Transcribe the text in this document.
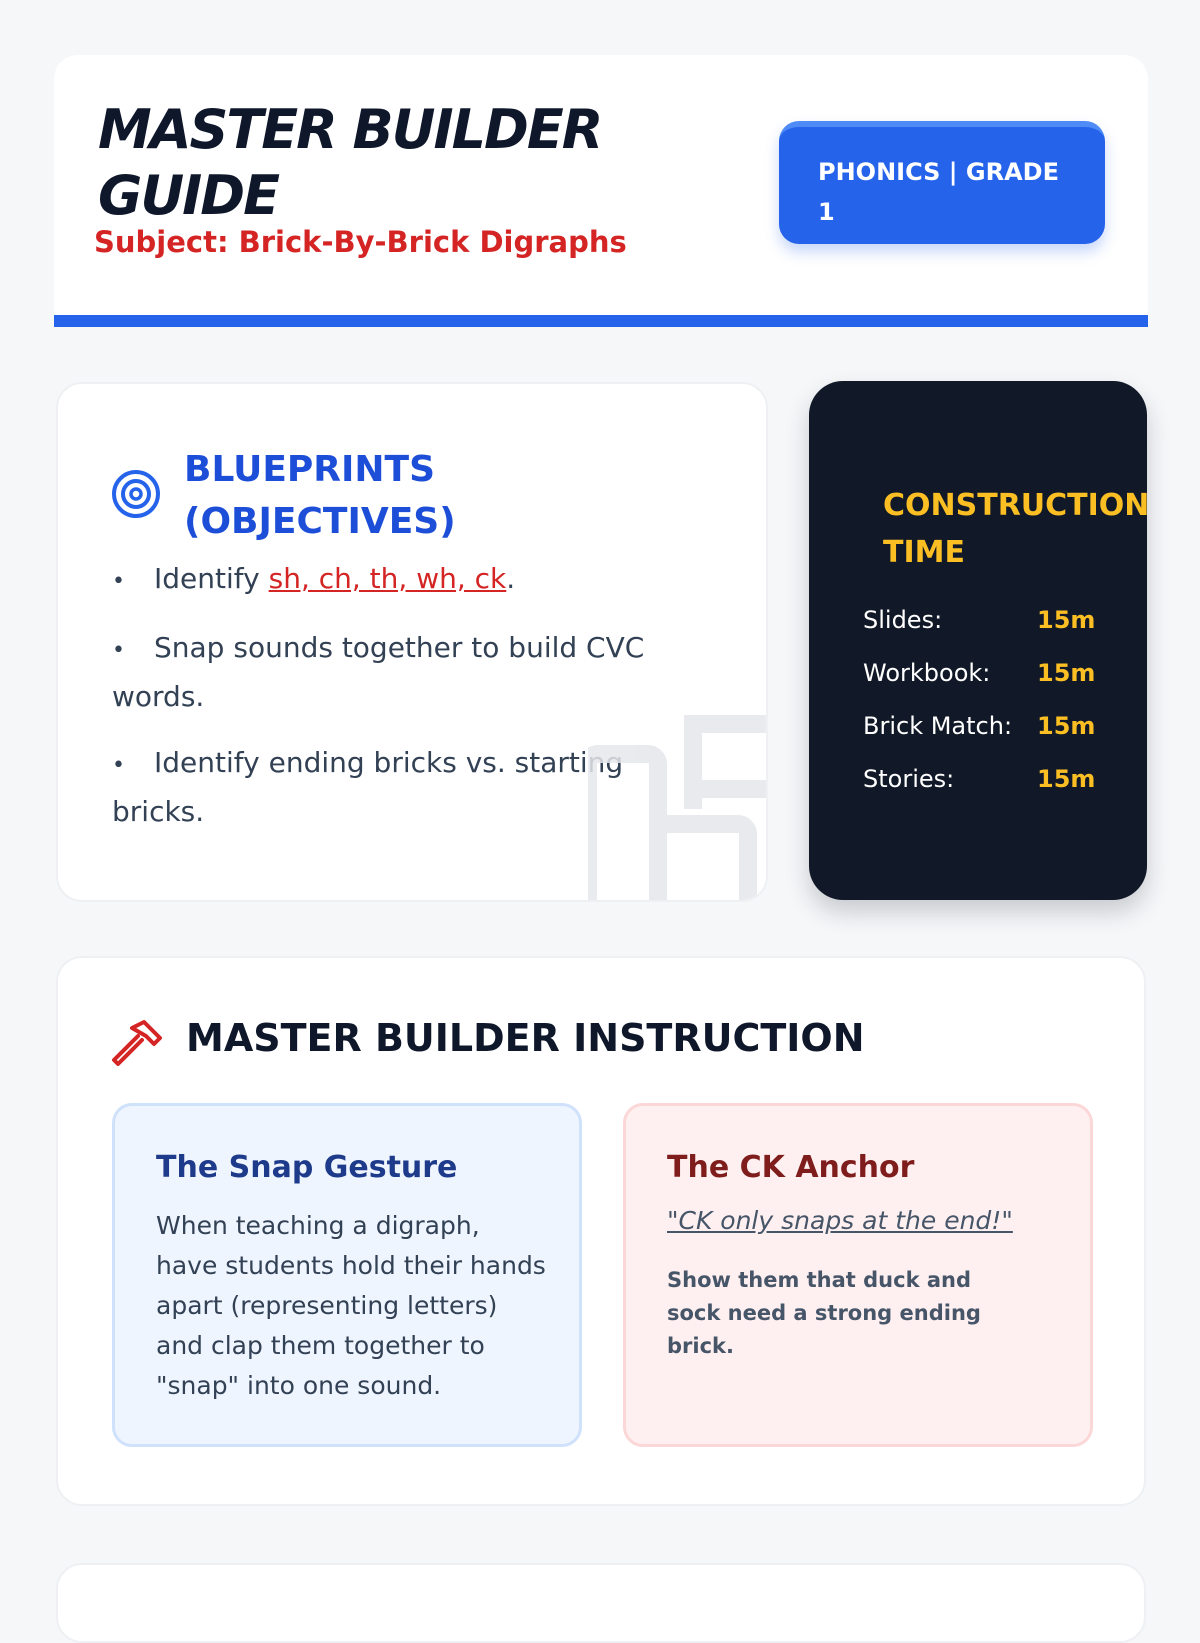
MASTER BUILDER GUIDE

Subject: Brick-By-Brick Digraphs

PHONICS | GRADE 1
BLUEPRINTS (OBJECTIVES)
• Identify sh, ch, th, wh, ck.
• Snap sounds together to build CVC words.
• Identify ending bricks vs. starting bricks.
CONSTRUCTION
TIME
Slides:	15m
Workbook: 15m
Brick Match: 15m
Stories:	15m
MASTER BUILDER INSTRUCTION
The Snap Gesture

When teaching a digraph, have students hold their hands apart (representing letters) and clap them together to "snap" into one sound.

The CK Anchor

"CK only snaps at the end!"

Show them that duck and sock need a strong ending brick.
